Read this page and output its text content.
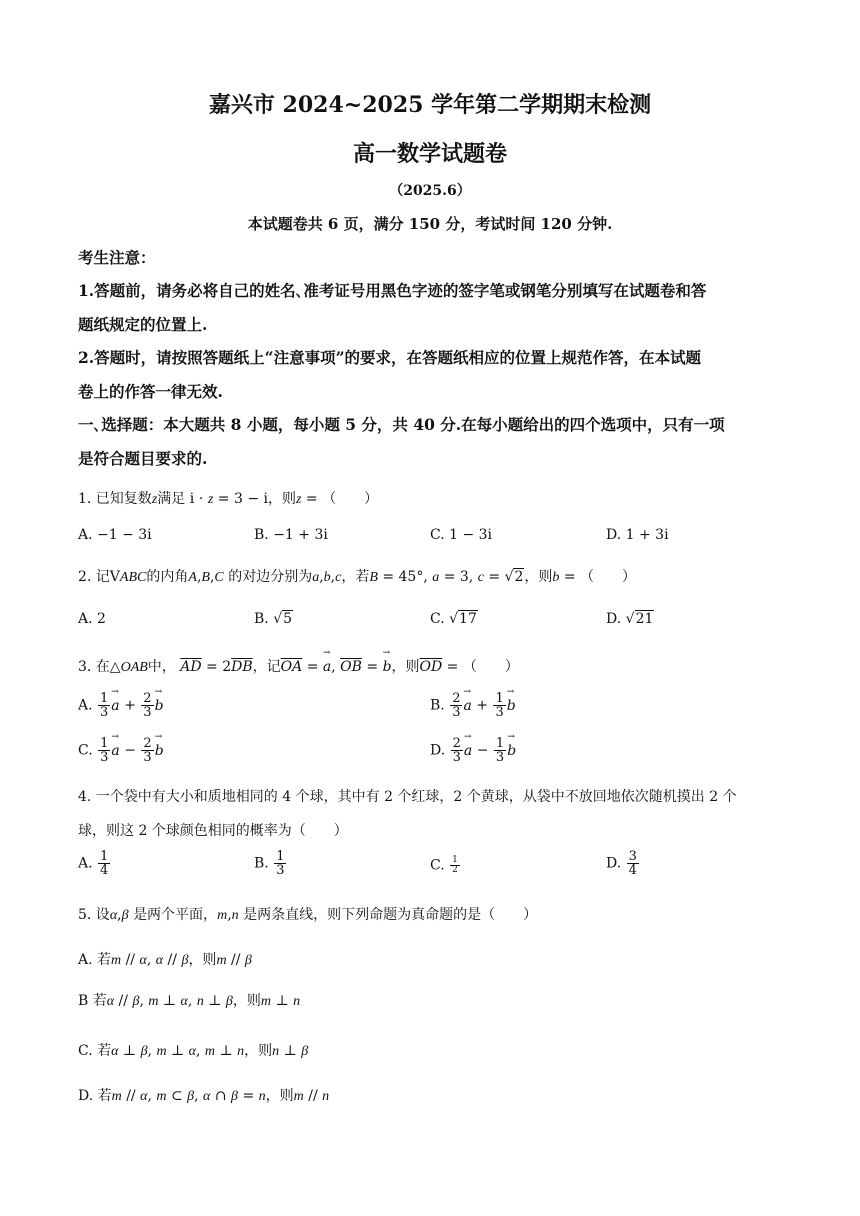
嘉兴市 2024~2025 学年第二学期期末检测
高一数学试题卷
（2025.6）
本试题卷共 6 页，满分 150 分，考试时间 120 分钟.
考生注意：
1.答题前，请务必将自己的姓名､准考证号用黑色字迹的签字笔或钢笔分别填写在试题卷和答
题纸规定的位置上.
2.答题时，请按照答题纸上“注意事项”的要求，在答题纸相应的位置上规范作答，在本试题
卷上的作答一律无效.
一､选择题：本大题共 8 小题，每小题 5 分，共 40 分.在每小题给出的四个选项中，只有一项
是符合题目要求的.
1. 已知复数z满足 i ⋅ z = 3 − i，则z = （　　）
A. −1 − 3i	B. −1 + 3i	C. 1 − 3i	D. 1 + 3i
2. 记VABC的内角A,B,C 的对边分别为a,b,c，若B = 45°, a = 3, c = √2，则b = （　　）
A. 2	B. √5	C. √17	D. √21
3. 在△OAB中， $\overline{AD} = 2\overline{DB}$，记$\overline{OA}$ = → a, $\overline{OB}$ = → b，则$\overline{OD}$ = （　　）
A. $\frac{1}{3} \to a + \frac{2}{3} \to b$	B. $\frac{2}{3} \to a + \frac{1}{3} \to b$
C. $\frac{1}{3} \to a - \frac{2}{3} \to b$	D. $\frac{2}{3} \to a - \frac{1}{3} \to b$
4. 一个袋中有大小和质地相同的 4 个球，其中有 2 个红球，2 个黄球，从袋中不放回地依次随机摸出 2 个
球，则这 2 个球颜色相同的概率为（　　）
A. $\frac{1}{4}$	B. $\frac{1}{3}$	C. $\frac{1}{2}$	D. $\frac{3}{4}$
5. 设α,β 是两个平面，m,n 是两条直线，则下列命题为真命题的是（　　）
A. 若m // α, α // β，则m // β
B 若α // β, m ⊥ α, n ⊥ β，则m ⊥ n
C. 若α ⊥ β, m ⊥ α, m ⊥ n，则n ⊥ β
D. 若m // α, m ⊂ β, α ∩ β = n，则m // n
